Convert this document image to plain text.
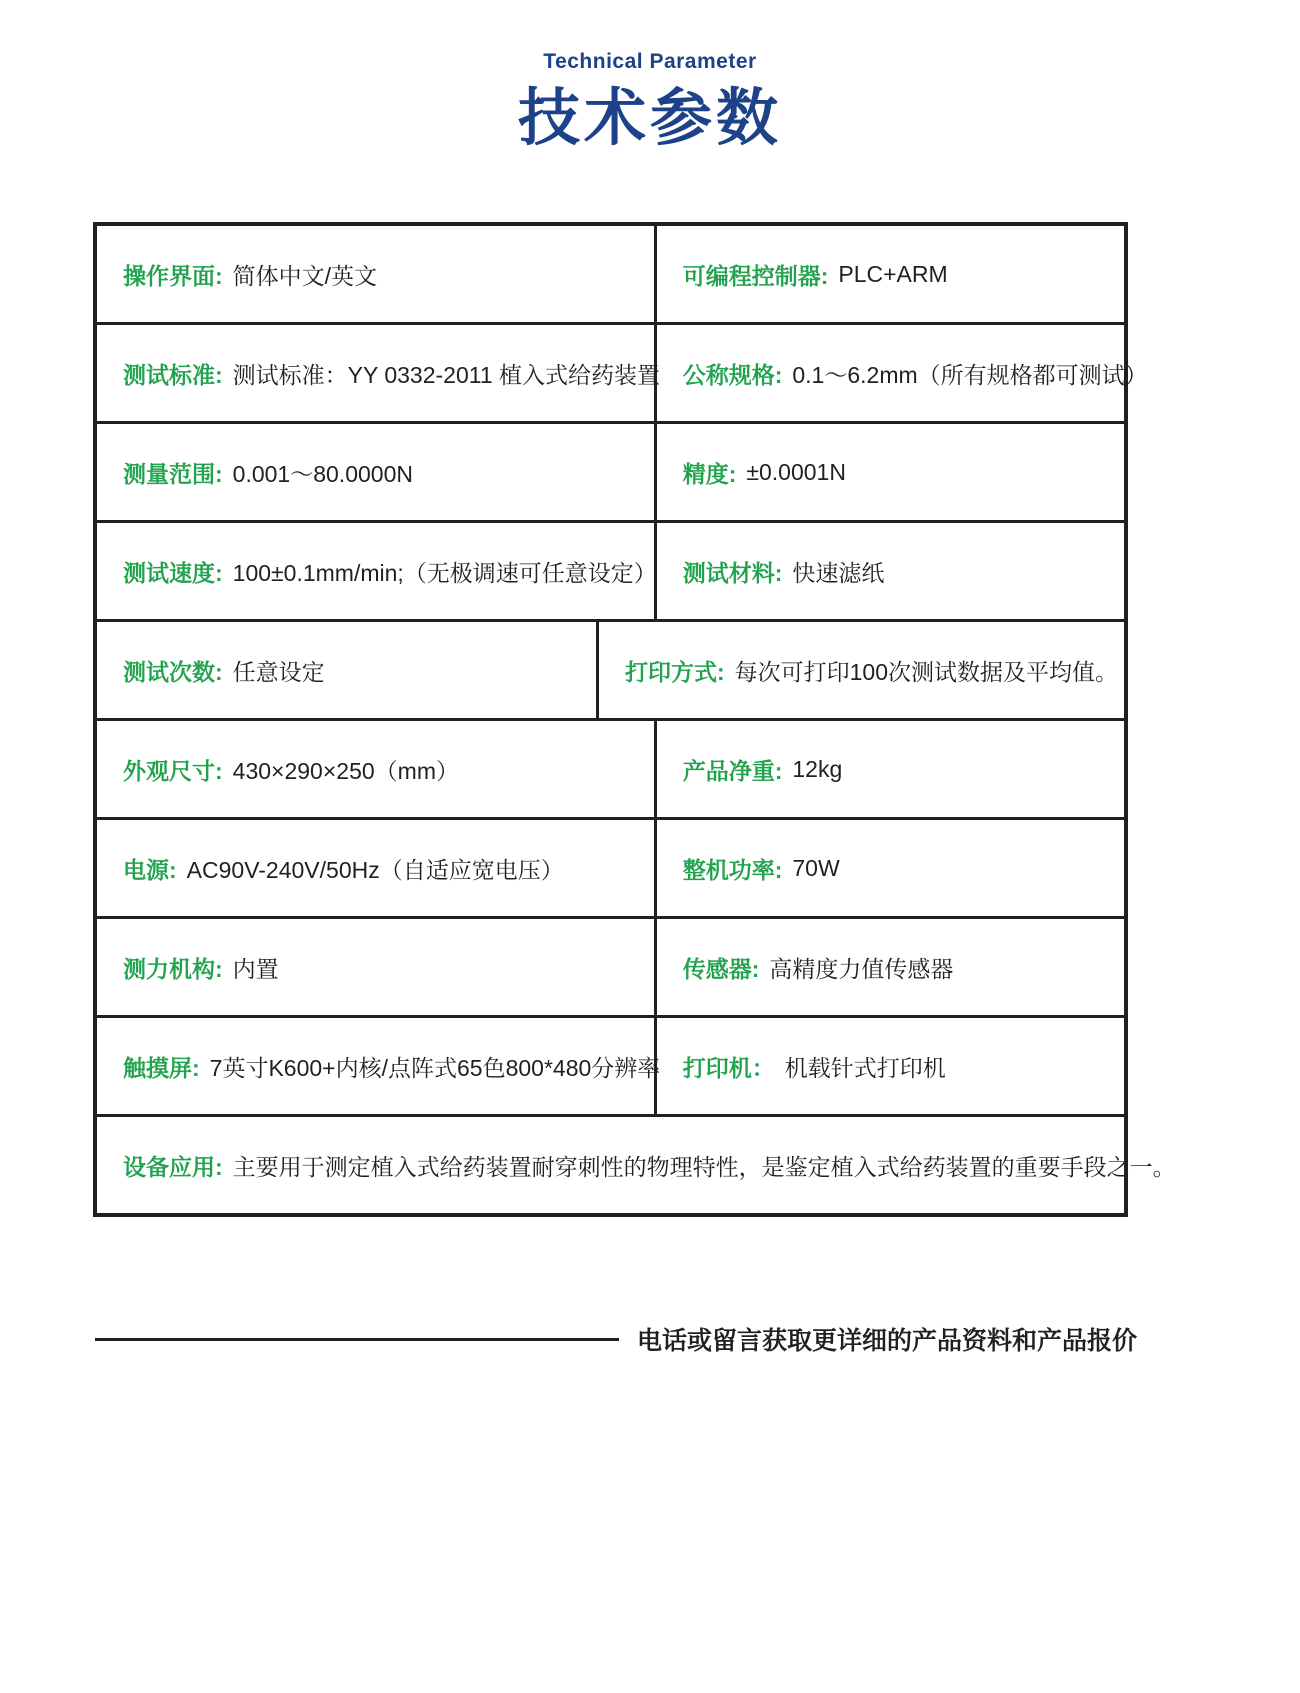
Technical Parameter
技术参数
操作界面: 简体中文/英文	可编程控制器: PLC+ARM
测试标准: 测试标准：YY 0332-2011 植入式给药装置 公称规格: 0.1～6.2mm（所有规格都可测试）
测量范围: 0.001～80.0000N	精度: ±0.0001N
测试速度: 100±0.1mm/min;（无极调速可任意设定） 测试材料: 快速滤纸
测试次数: 任意设定	打印方式: 每次可打印100次测试数据及平均值。
外观尺寸: 430×290×250（mm）	产品净重: 12kg
电源: AC90V-240V/50Hz（自适应宽电压）	整机功率: 70W
测力机构: 内置	传感器: 高精度力值传感器
触摸屏: 7英寸K600+内核/点阵式65色800*480分辨率 打印机： 机载针式打印机
设备应用: 主要用于测定植入式给药装置耐穿刺性的物理特性，是鉴定植入式给药装置的重要手段之一。
电话或留言获取更详细的产品资料和产品报价
